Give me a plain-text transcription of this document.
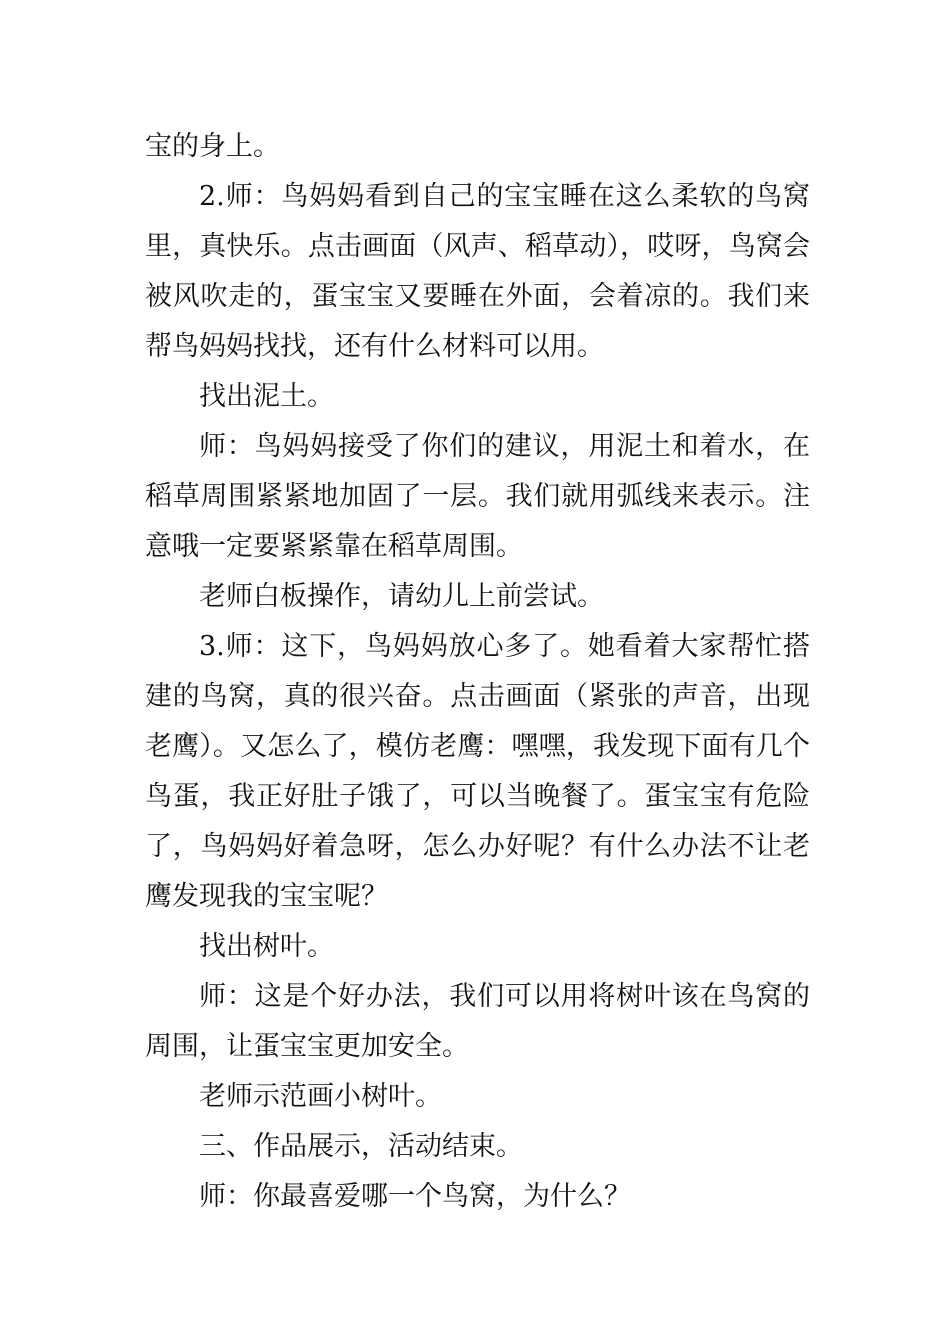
宝的身上。

2.师：鸟妈妈看到自己的宝宝睡在这么柔软的鸟窝里，真快乐。点击画面（风声、稻草动），哎呀，鸟窝会被风吹走的，蛋宝宝又要睡在外面，会着凉的。我们来帮鸟妈妈找找，还有什么材料可以用。

找出泥土。

师：鸟妈妈接受了你们的建议，用泥土和着水，在稻草周围紧紧地加固了一层。我们就用弧线来表示。注意哦一定要紧紧靠在稻草周围。

老师白板操作，请幼儿上前尝试。

3.师：这下，鸟妈妈放心多了。她看着大家帮忙搭建的鸟窝，真的很兴奋。点击画面（紧张的声音，出现老鹰）。又怎么了，模仿老鹰：嘿嘿，我发现下面有几个鸟蛋，我正好肚子饿了，可以当晚餐了。蛋宝宝有危险了，鸟妈妈好着急呀，怎么办好呢？有什么办法不让老鹰发现我的宝宝呢？

找出树叶。

师：这是个好办法，我们可以用将树叶该在鸟窝的周围，让蛋宝宝更加安全。

老师示范画小树叶。

三、作品展示，活动结束。

师：你最喜爱哪一个鸟窝，为什么？
